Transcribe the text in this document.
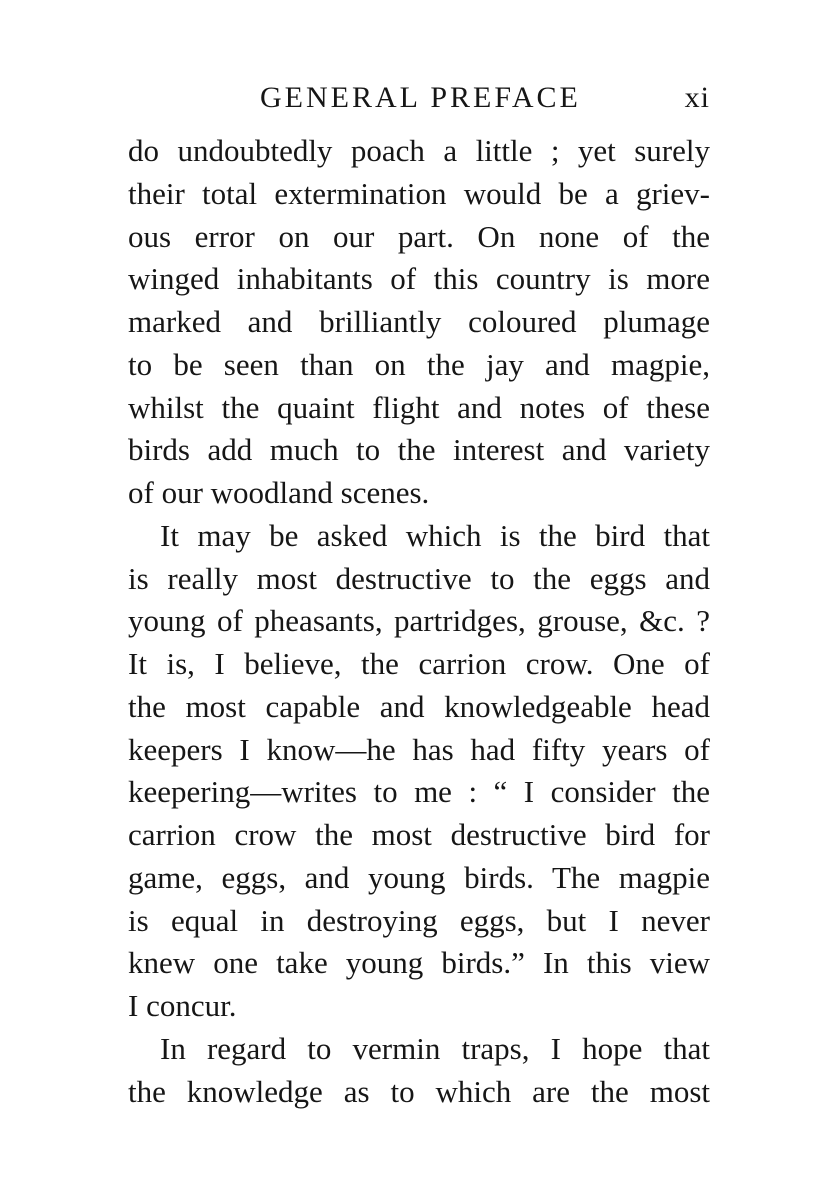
GENERAL PREFACE	xi
do undoubtedly poach a little ; yet surely
their total extermination would be a griev-
ous error on our part. On none of the
winged inhabitants of this country is more
marked and brilliantly coloured plumage
to be seen than on the jay and magpie,
whilst the quaint flight and notes of these
birds add much to the interest and variety
of our woodland scenes.
It may be asked which is the bird that
is really most destructive to the eggs and
young of pheasants, partridges, grouse, &c. ?
It is, I believe, the carrion crow. One of
the most capable and knowledgeable head
keepers I know—he has had fifty years of
keepering—writes to me : “ I consider the
carrion crow the most destructive bird for
game, eggs, and young birds. The magpie
is equal in destroying eggs, but I never
knew one take young birds.” In this view
I concur.
In regard to vermin traps, I hope that
the knowledge as to which are the most
